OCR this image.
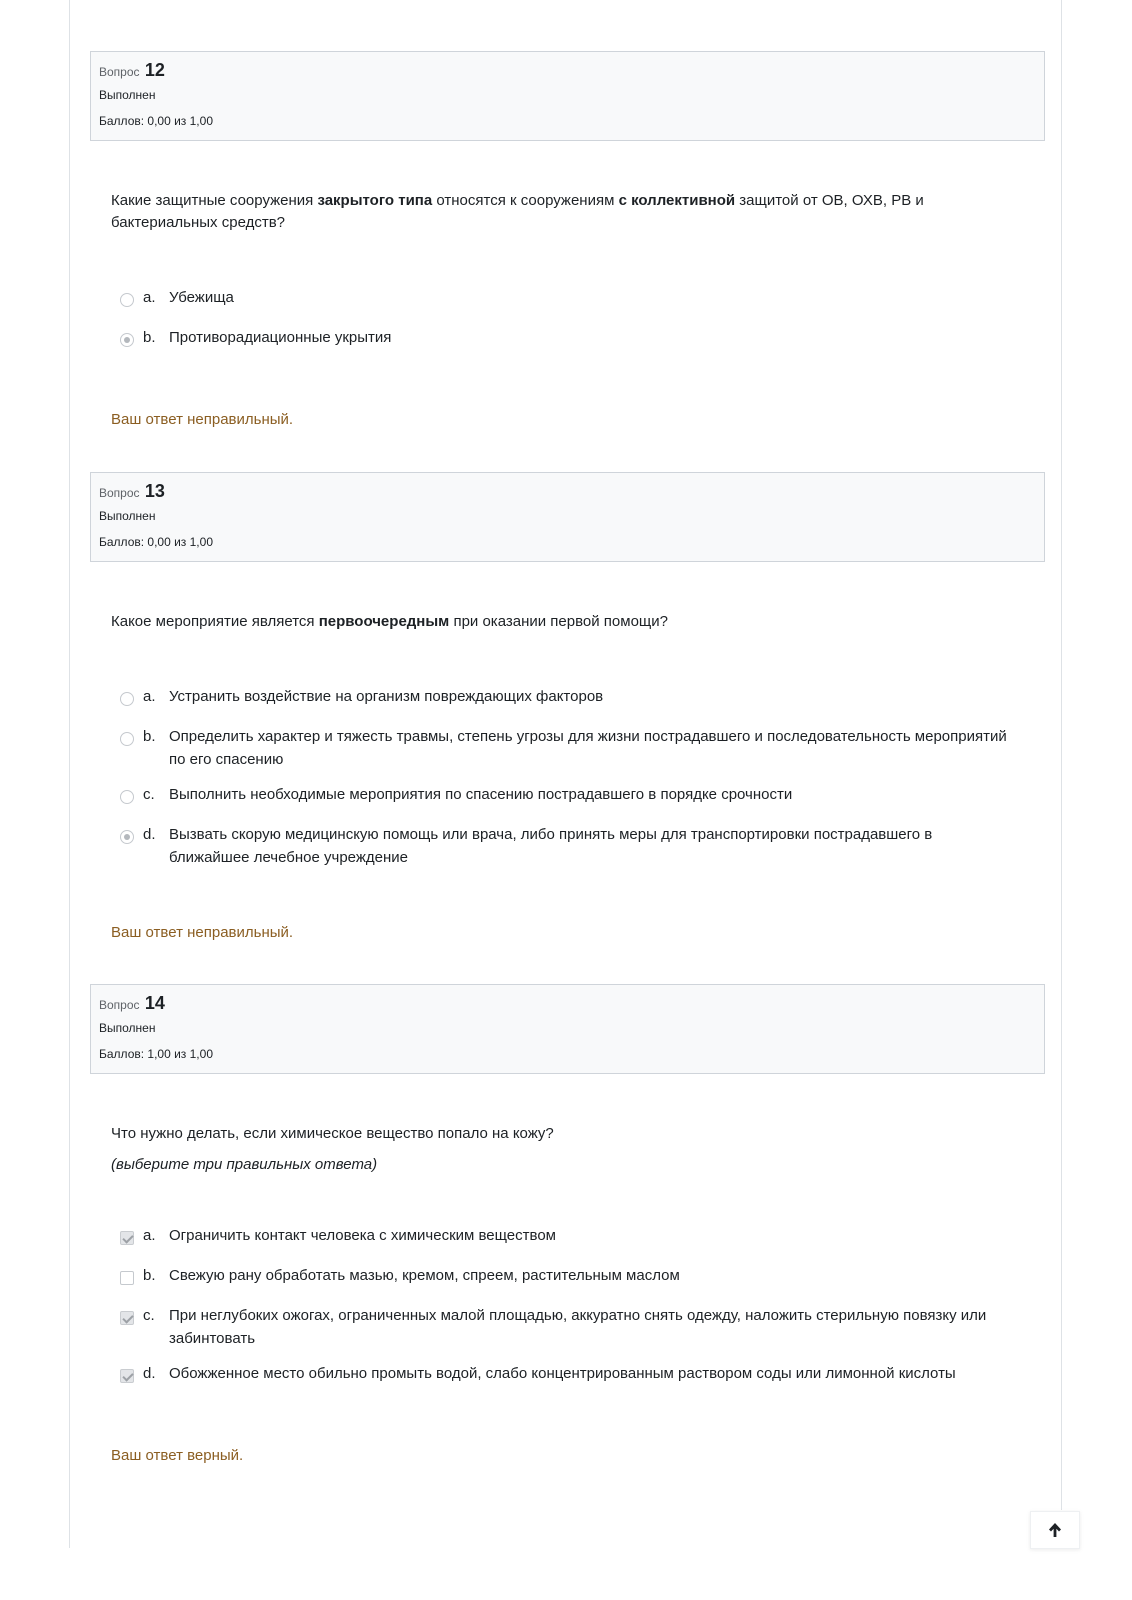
Вопрос 12
Выполнен
Баллов: 0,00 из 1,00
Какие защитные сооружения закрытого типа относятся к сооружениям с коллективной защитой от ОВ, ОХВ, РВ и бактериальных средств?
a. Убежища
b. Противорадиационные укрытия
Ваш ответ неправильный.
Вопрос 13
Выполнен
Баллов: 0,00 из 1,00
Какое мероприятие является первоочередным при оказании первой помощи?
a. Устранить воздействие на организм повреждающих факторов
b. Определить характер и тяжесть травмы, степень угрозы для жизни пострадавшего и последовательность мероприятий по его спасению
c. Выполнить необходимые мероприятия по спасению пострадавшего в порядке срочности
d. Вызвать скорую медицинскую помощь или врача, либо принять меры для транспортировки пострадавшего в ближайшее лечебное учреждение
Ваш ответ неправильный.
Вопрос 14
Выполнен
Баллов: 1,00 из 1,00
Что нужно делать, если химическое вещество попало на кожу?
(выберите три правильных ответа)
a. Ограничить контакт человека с химическим веществом
b. Свежую рану обработать мазью, кремом, спреем, растительным маслом
c. При неглубоких ожогах, ограниченных малой площадью, аккуратно снять одежду, наложить стерильную повязку или забинтовать
d. Обожженное место обильно промыть водой, слабо концентрированным раствором соды или лимонной кислоты
Ваш ответ верный.
